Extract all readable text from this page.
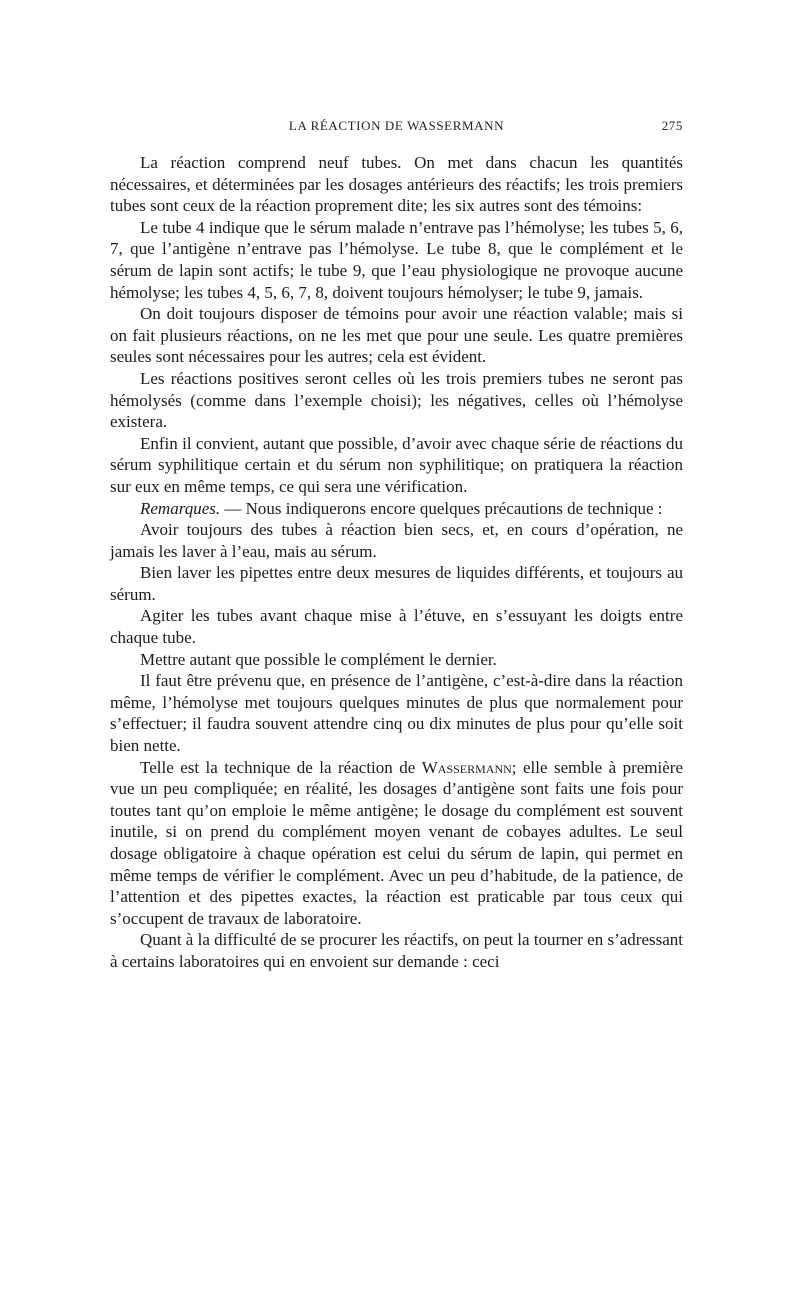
LA RÉACTION DE WASSERMANN	275

La réaction comprend neuf tubes. On met dans chacun les quantités nécessaires, et déterminées par les dosages antérieurs des réactifs; les trois premiers tubes sont ceux de la réaction proprement dite; les six autres sont des témoins:

Le tube 4 indique que le sérum malade n’entrave pas l’hémolyse; les tubes 5, 6, 7, que l’antigène n’entrave pas l’hémolyse. Le tube 8, que le complément et le sérum de lapin sont actifs; le tube 9, que l’eau physiologique ne provoque aucune hémolyse; les tubes 4, 5, 6, 7, 8, doivent toujours hémolyser; le tube 9, jamais.

On doit toujours disposer de témoins pour avoir une réaction valable; mais si on fait plusieurs réactions, on ne les met que pour une seule. Les quatre premières seules sont nécessaires pour les autres; cela est évident.

Les réactions positives seront celles où les trois premiers tubes ne seront pas hémolysés (comme dans l’exemple choisi); les négatives, celles où l’hémolyse existera.

Enfin il convient, autant que possible, d’avoir avec chaque série de réactions du sérum syphilitique certain et du sérum non syphilitique; on pratiquera la réaction sur eux en même temps, ce qui sera une vérification.

Remarques. — Nous indiquerons encore quelques précautions de technique :

Avoir toujours des tubes à réaction bien secs, et, en cours d’opération, ne jamais les laver à l’eau, mais au sérum.

Bien laver les pipettes entre deux mesures de liquides différents, et toujours au sérum.

Agiter les tubes avant chaque mise à l’étuve, en s’essuyant les doigts entre chaque tube.

Mettre autant que possible le complément le dernier.

Il faut être prévenu que, en présence de l’antigène, c’est-à-dire dans la réaction même, l’hémolyse met toujours quelques minutes de plus que normalement pour s’effectuer; il faudra souvent attendre cinq ou dix minutes de plus pour qu’elle soit bien nette.

Telle est la technique de la réaction de Wassermann; elle semble à première vue un peu compliquée; en réalité, les dosages d’antigène sont faits une fois pour toutes tant qu’on emploie le même antigène; le dosage du complément est souvent inutile, si on prend du complément moyen venant de cobayes adultes. Le seul dosage obligatoire à chaque opération est celui du sérum de lapin, qui permet en même temps de vérifier le complément. Avec un peu d’habitude, de la patience, de l’attention et des pipettes exactes, la réaction est praticable par tous ceux qui s’occupent de travaux de laboratoire.

Quant à la difficulté de se procurer les réactifs, on peut la tourner en s’adressant à certains laboratoires qui en envoient sur demande : ceci
